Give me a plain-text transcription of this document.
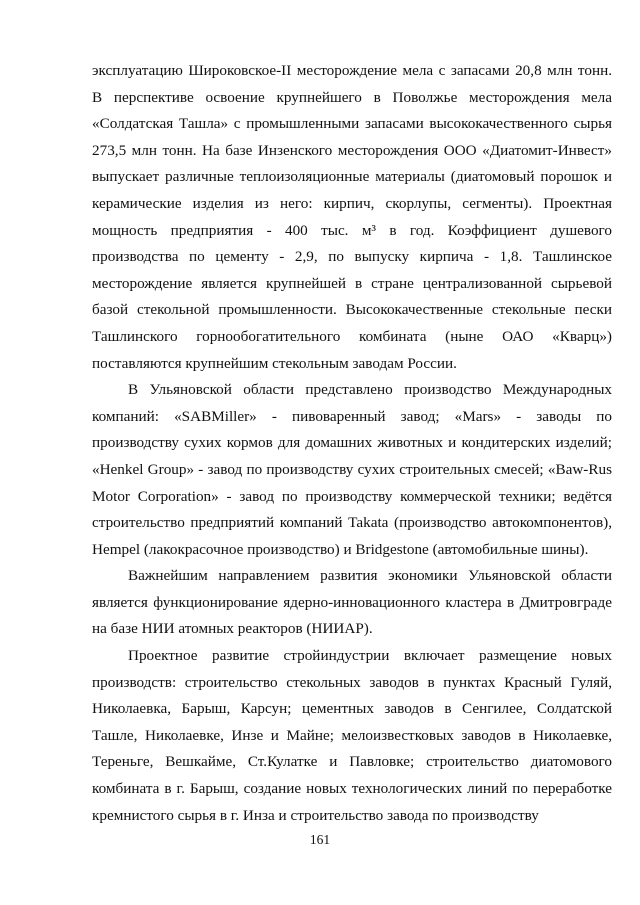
эксплуатацию Широковское-II месторождение мела с запасами 20,8 млн тонн. В перспективе освоение крупнейшего в Поволжье месторождения мела «Солдатская Ташла» с промышленными запасами высококачественного сырья 273,5 млн тонн. На базе Инзенского месторождения ООО «Диатомит-Инвест» выпускает различные теплоизоляционные материалы (диатомовый порошок и керамические изделия из него: кирпич, скорлупы, сегменты). Проектная мощность предприятия - 400 тыс. м³ в год. Коэффициент душевого производства по цементу - 2,9, по выпуску кирпича - 1,8. Ташлинское месторождение является крупнейшей в стране централизованной сырьевой базой стекольной промышленности. Высококачественные стекольные пески Ташлинского горнообогатительного комбината (ныне ОАО «Кварц») поставляются крупнейшим стекольным заводам России.

В Ульяновской области представлено производство Международных компаний: «SABMiller» - пивоваренный завод; «Mars» - заводы по производству сухих кормов для домашних животных и кондитерских изделий; «Henkel Group» - завод по производству сухих строительных смесей; «Baw-Rus Motor Corporation» - завод по производству коммерческой техники; ведётся строительство предприятий компаний Takata (производство автокомпонентов), Hempel (лакокрасочное производство) и Bridgestone (автомобильные шины).

Важнейшим направлением развития экономики Ульяновской области является функционирование ядерно-инновационного кластера в Дмитровграде на базе НИИ атомных реакторов (НИИАР).

Проектное развитие стройиндустрии включает размещение новых производств: строительство стекольных заводов в пунктах Красный Гуляй, Николаевка, Барыш, Карсун; цементных заводов в Сенгилее, Солдатской Ташле, Николаевке, Инзе и Майне; мелоизвестковых заводов в Николаевке, Тереньге, Вешкайме, Ст.Кулатке и Павловке; строительство диатомового комбината в г. Барыш, создание новых технологических линий по переработке кремнистого сырья в г. Инза и строительство завода по производству

161
